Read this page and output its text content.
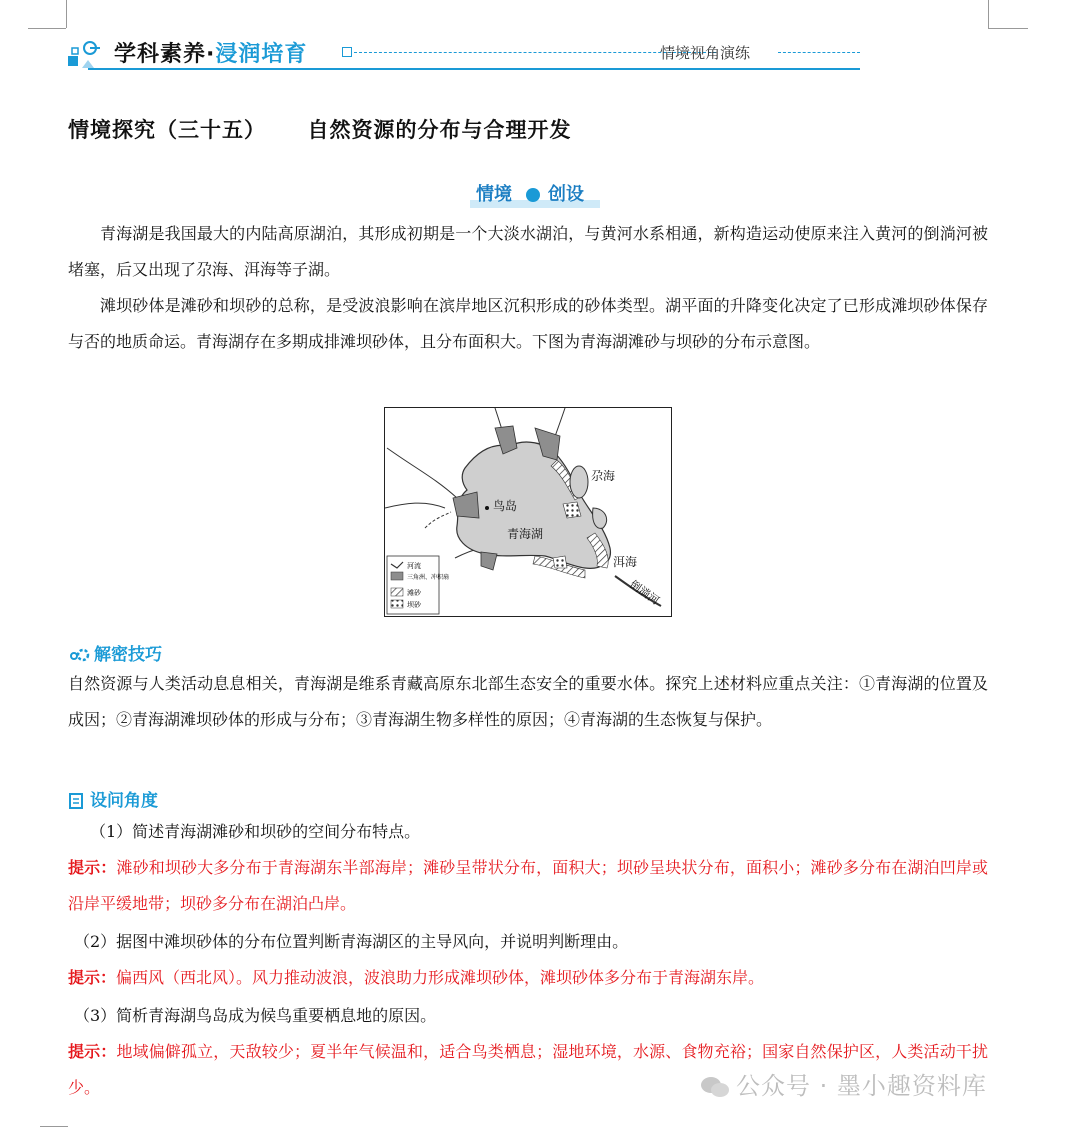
学科素养·浸润培育	情境视角演练
情境探究（三十五）     自然资源的分布与合理开发
情境 创设
青海湖是我国最大的内陆高原湖泊，其形成初期是一个大淡水湖泊，与黄河水系相通，新构造运动使原来注入黄河的倒淌河被堵塞，后又出现了尕海、洱海等子湖。
滩坝砂体是滩砂和坝砂的总称，是受波浪影响在滨岸地区沉积形成的砂体类型。湖平面的升降变化决定了已形成滩坝砂体保存与否的地质命运。青海湖存在多期成排滩坝砂体，且分布面积大。下图为青海湖滩砂与坝砂的分布示意图。
鸟岛
青海湖
尕海
洱海
倒淌河
河流
三角洲、冲积扇
滩砂
坝砂
解密技巧
自然资源与人类活动息息相关，青海湖是维系青藏高原东北部生态安全的重要水体。探究上述材料应重点关注：①青海湖的位置及成因；②青海湖滩坝砂体的形成与分布；③青海湖生物多样性的原因；④青海湖的生态恢复与保护。
设问角度
（1）简述青海湖滩砂和坝砂的空间分布特点。
提示：滩砂和坝砂大多分布于青海湖东半部海岸；滩砂呈带状分布，面积大；坝砂呈块状分布，面积小；滩砂多分布在湖泊凹岸或沿岸平缓地带；坝砂多分布在湖泊凸岸。
（2）据图中滩坝砂体的分布位置判断青海湖区的主导风向，并说明判断理由。
提示：偏西风（西北风）。风力推动波浪，波浪助力形成滩坝砂体，滩坝砂体多分布于青海湖东岸。
（3）简析青海湖鸟岛成为候鸟重要栖息地的原因。
提示：地域偏僻孤立，天敌较少；夏半年气候温和，适合鸟类栖息；湿地环境，水源、食物充裕；国家自然保护区，人类活动干扰少。	公众号 · 墨小趣资料库
